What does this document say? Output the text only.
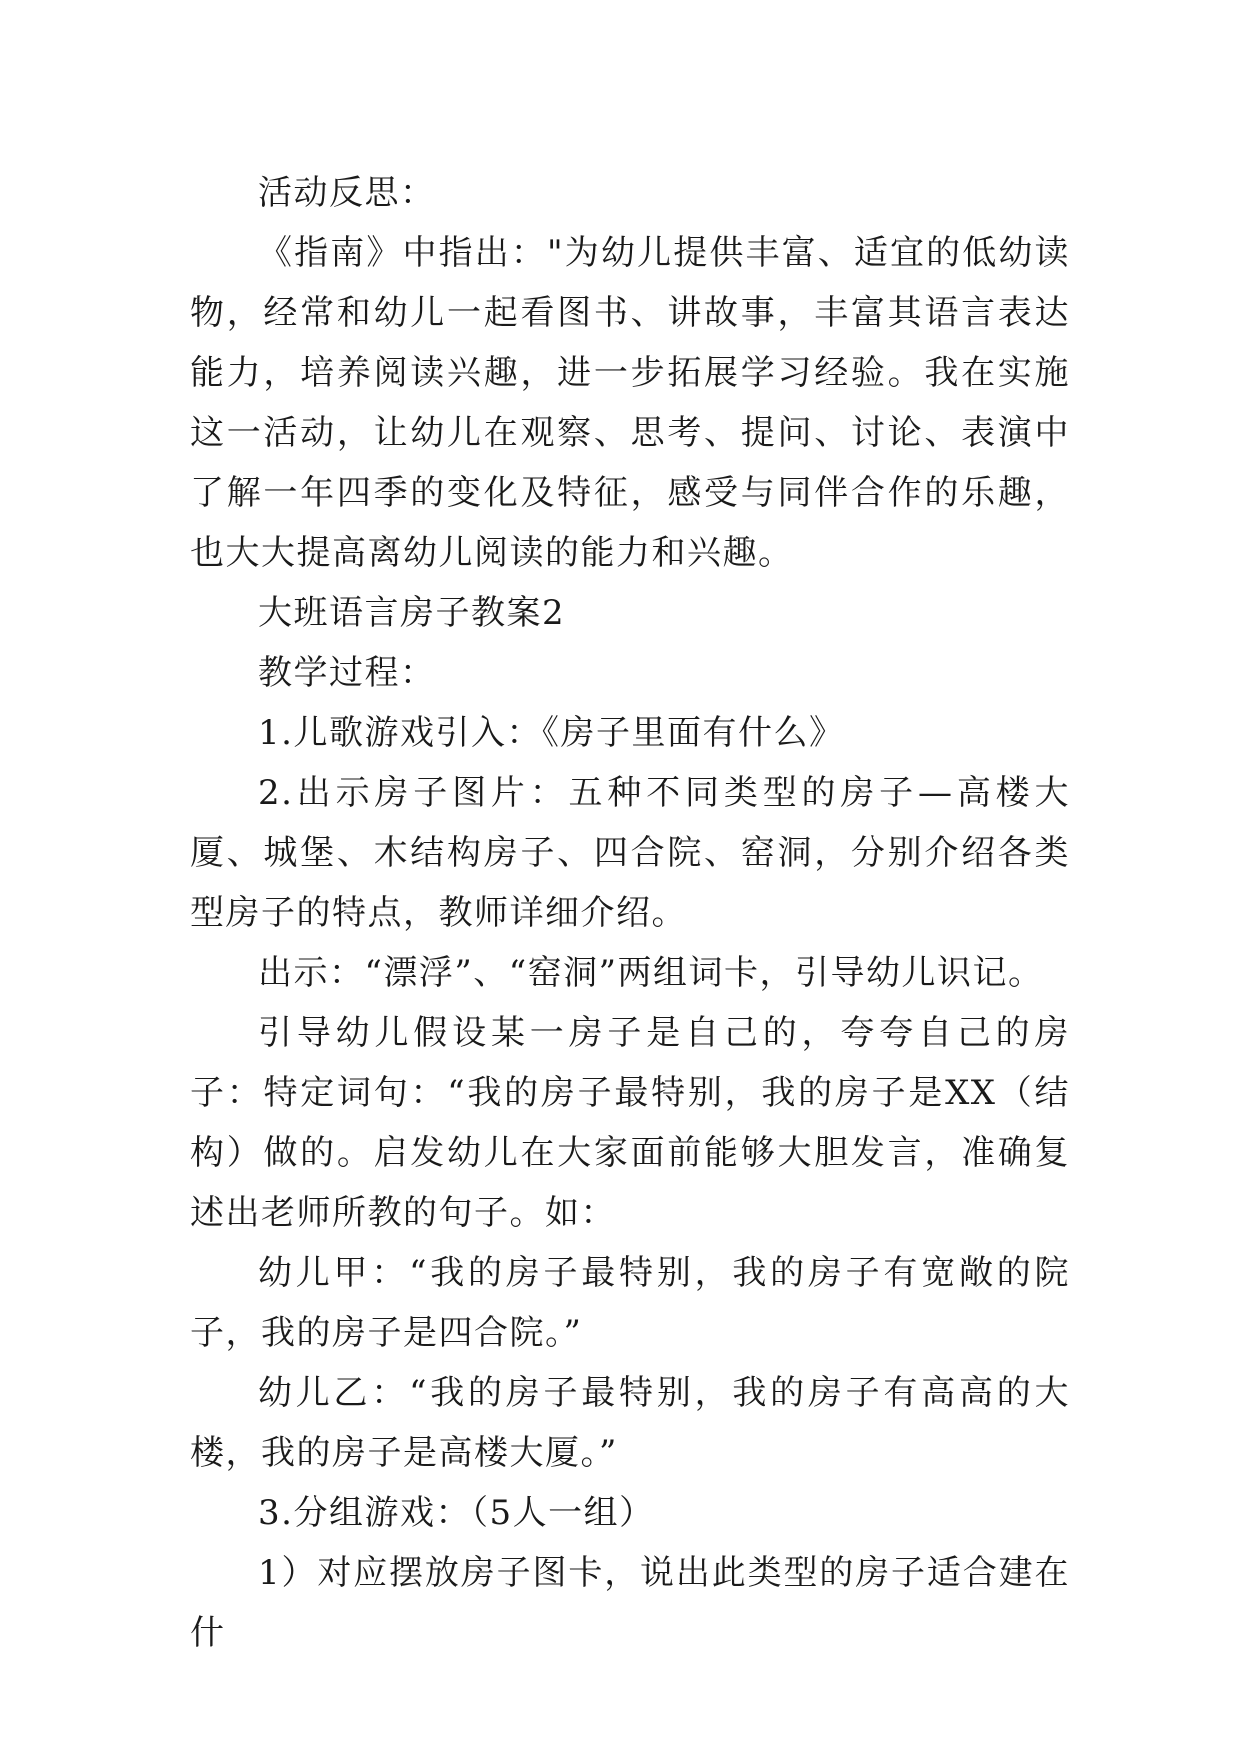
活动反思：

《指南》中指出："为幼儿提供丰富、适宜的低幼读物，经常和幼儿一起看图书、讲故事，丰富其语言表达能力，培养阅读兴趣，进一步拓展学习经验。我在实施这一活动，让幼儿在观察、思考、提问、讨论、表演中了解一年四季的变化及特征，感受与同伴合作的乐趣，也大大提高离幼儿阅读的能力和兴趣。

大班语言房子教案2

教学过程：

1.儿歌游戏引入：《房子里面有什么》

2.出示房子图片：五种不同类型的房子—高楼大厦、城堡、木结构房子、四合院、窑洞，分别介绍各类型房子的特点，教师详细介绍。

出示：“漂浮”、“窑洞”两组词卡，引导幼儿识记。

引导幼儿假设某一房子是自己的，夸夸自己的房子：特定词句：“我的房子最特别，我的房子是XX（结构）做的。启发幼儿在大家面前能够大胆发言，准确复述出老师所教的句子。如：

幼儿甲：“我的房子最特别，我的房子有宽敞的院子，我的房子是四合院。”

幼儿乙：“我的房子最特别，我的房子有高高的大楼，我的房子是高楼大厦。”

3.分组游戏：（5人一组）

1）对应摆放房子图卡，说出此类型的房子适合建在什
